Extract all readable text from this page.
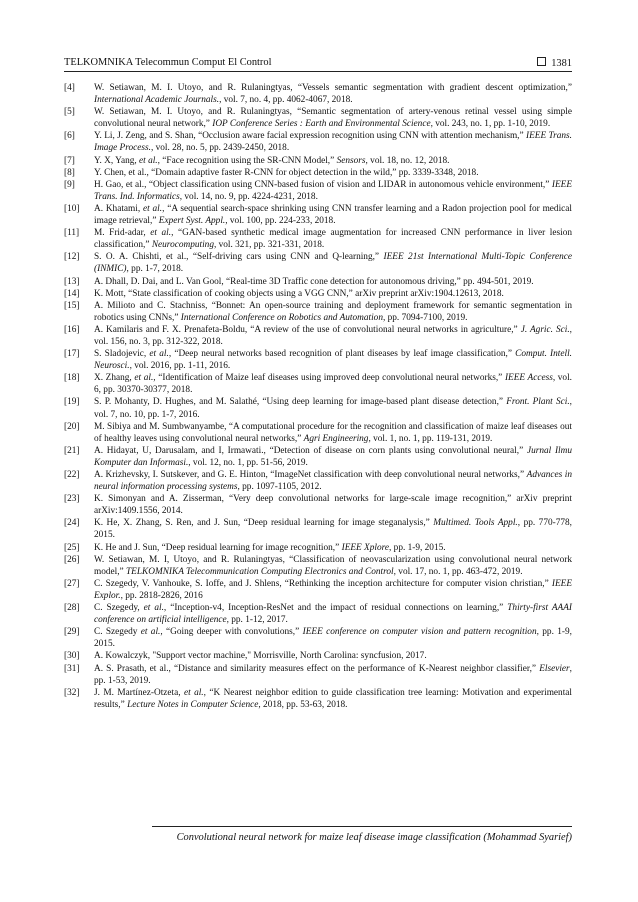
TELKOMNIKA Telecommun Comput El Control	1381
[4] W. Setiawan, M. I. Utoyo, and R. Rulaningtyas, “Vessels semantic segmentation with gradient descent optimization,” International Academic Journals., vol. 7, no. 4, pp. 4062-4067, 2018.
[5] W. Setiawan, M. I. Utoyo, and R. Rulaningtyas, “Semantic segmentation of artery-venous retinal vessel using simple convolutional neural network,” IOP Conference Series : Earth and Environmental Science, vol. 243, no. 1, pp. 1-10, 2019.
[6] Y. Li, J. Zeng, and S. Shan, “Occlusion aware facial expression recognition using CNN with attention mechanism,” IEEE Trans. Image Process., vol. 28, no. 5, pp. 2439-2450, 2018.
[7] Y. X, Yang, et al., “Face recognition using the SR-CNN Model,” Sensors, vol. 18, no. 12, 2018.
[8] Y. Chen, et al., “Domain adaptive faster R-CNN for object detection in the wild,” pp. 3339-3348, 2018.
[9] H. Gao, et al., “Object classification using CNN-based fusion of vision and LIDAR in autonomous vehicle environment,” IEEE Trans. Ind. Informatics, vol. 14, no. 9, pp. 4224-4231, 2018.
[10] A. Khatami, et al., “A sequential search-space shrinking using CNN transfer learning and a Radon projection pool for medical image retrieval,” Expert Syst. Appl., vol. 100, pp. 224-233, 2018.
[11] M. Frid-adar, et al., “GAN-based synthetic medical image augmentation for increased CNN performance in liver lesion classification,” Neurocomputing, vol. 321, pp. 321-331, 2018.
[12] S. O. A. Chishti, et al., “Self-driving cars using CNN and Q-learning,” IEEE 21st International Multi-Topic Conference (INMIC), pp. 1-7, 2018.
[13] A. Dhall, D. Dai, and L. Van Gool, “Real-time 3D Traffic cone detection for autonomous driving,” pp. 494-501, 2019.
[14] K. Mott, “State classification of cooking objects using a VGG CNN,” arXiv preprint arXiv:1904.12613, 2018.
[15] A. Milioto and C. Stachniss, “Bonnet: An open-source training and deployment framework for semantic segmentation in robotics using CNNs,” International Conference on Robotics and Automation, pp. 7094-7100, 2019.
[16] A. Kamilaris and F. X. Prenafeta-Boldu, “A review of the use of convolutional neural networks in agriculture,” J. Agric. Sci., vol. 156, no. 3, pp. 312-322, 2018.
[17] S. Sladojevic, et al., “Deep neural networks based recognition of plant diseases by leaf image classification,” Comput. Intell. Neurosci., vol. 2016, pp. 1-11, 2016.
[18] X. Zhang, et al., “Identification of Maize leaf diseases using improved deep convolutional neural networks,” IEEE Access, vol. 6, pp. 30370-30377, 2018.
[19] S. P. Mohanty, D. Hughes, and M. Salathé, “Using deep learning for image-based plant disease detection,” Front. Plant Sci., vol. 7, no. 10, pp. 1-7, 2016.
[20] M. Sibiya and M. Sumbwanyambe, “A computational procedure for the recognition and classification of maize leaf diseases out of healthy leaves using convolutional neural networks,” Agri Engineering, vol. 1, no. 1, pp. 119-131, 2019.
[21] A. Hidayat, U, Darusalam, and I, Irmawati., “Detection of disease on corn plants using convolutional neural,” Jurnal Ilmu Komputer dan Informasi., vol. 12, no. 1, pp. 51-56, 2019.
[22] A. Krizhevsky, I. Sutskever, and G. E. Hinton, “ImageNet classification with deep convolutional neural networks,” Advances in neural information processing systems, pp. 1097-1105, 2012.
[23] K. Simonyan and A. Zisserman, “Very deep convolutional networks for large-scale image recognition,” arXiv preprint arXiv:1409.1556, 2014.
[24] K. He, X. Zhang, S. Ren, and J. Sun, “Deep residual learning for image steganalysis,” Multimed. Tools Appl., pp. 770-778, 2015.
[25] K. He and J. Sun, “Deep residual learning for image recognition,” IEEE Xplore, pp. 1-9, 2015.
[26] W. Setiawan, M. I, Utoyo, and R. Rulaningtyas, “Classification of neovascularization using convolutional neural network model,” TELKOMNIKA Telecommunication Computing Electronics and Control, vol. 17, no. 1, pp. 463-472, 2019.
[27] C. Szegedy, V. Vanhouke, S. Ioffe, and J. Shlens, “Rethinking the inception architecture for computer vision christian,” IEEE Explor., pp. 2818-2826, 2016
[28] C. Szegedy, et al., “Inception-v4, Inception-ResNet and the impact of residual connections on learning,” Thirty-first AAAI conference on artificial intelligence, pp. 1-12, 2017.
[29] C. Szegedy et al., “Going deeper with convolutions,” IEEE conference on computer vision and pattern recognition, pp. 1-9, 2015.
[30] A. Kowalczyk, "Support vector machine," Morrisville, North Carolina: syncfusion, 2017.
[31] A. S. Prasath, et al., “Distance and similarity measures effect on the performance of K-Nearest neighbor classifier,” Elsevier, pp. 1-53, 2019.
[32] J. M. Martínez-Otzeta, et al., “K Nearest neighbor edition to guide classification tree learning: Motivation and experimental results,” Lecture Notes in Computer Science, 2018, pp. 53-63, 2018.
Convolutional neural network for maize leaf disease image classification (Mohammad Syarief)
